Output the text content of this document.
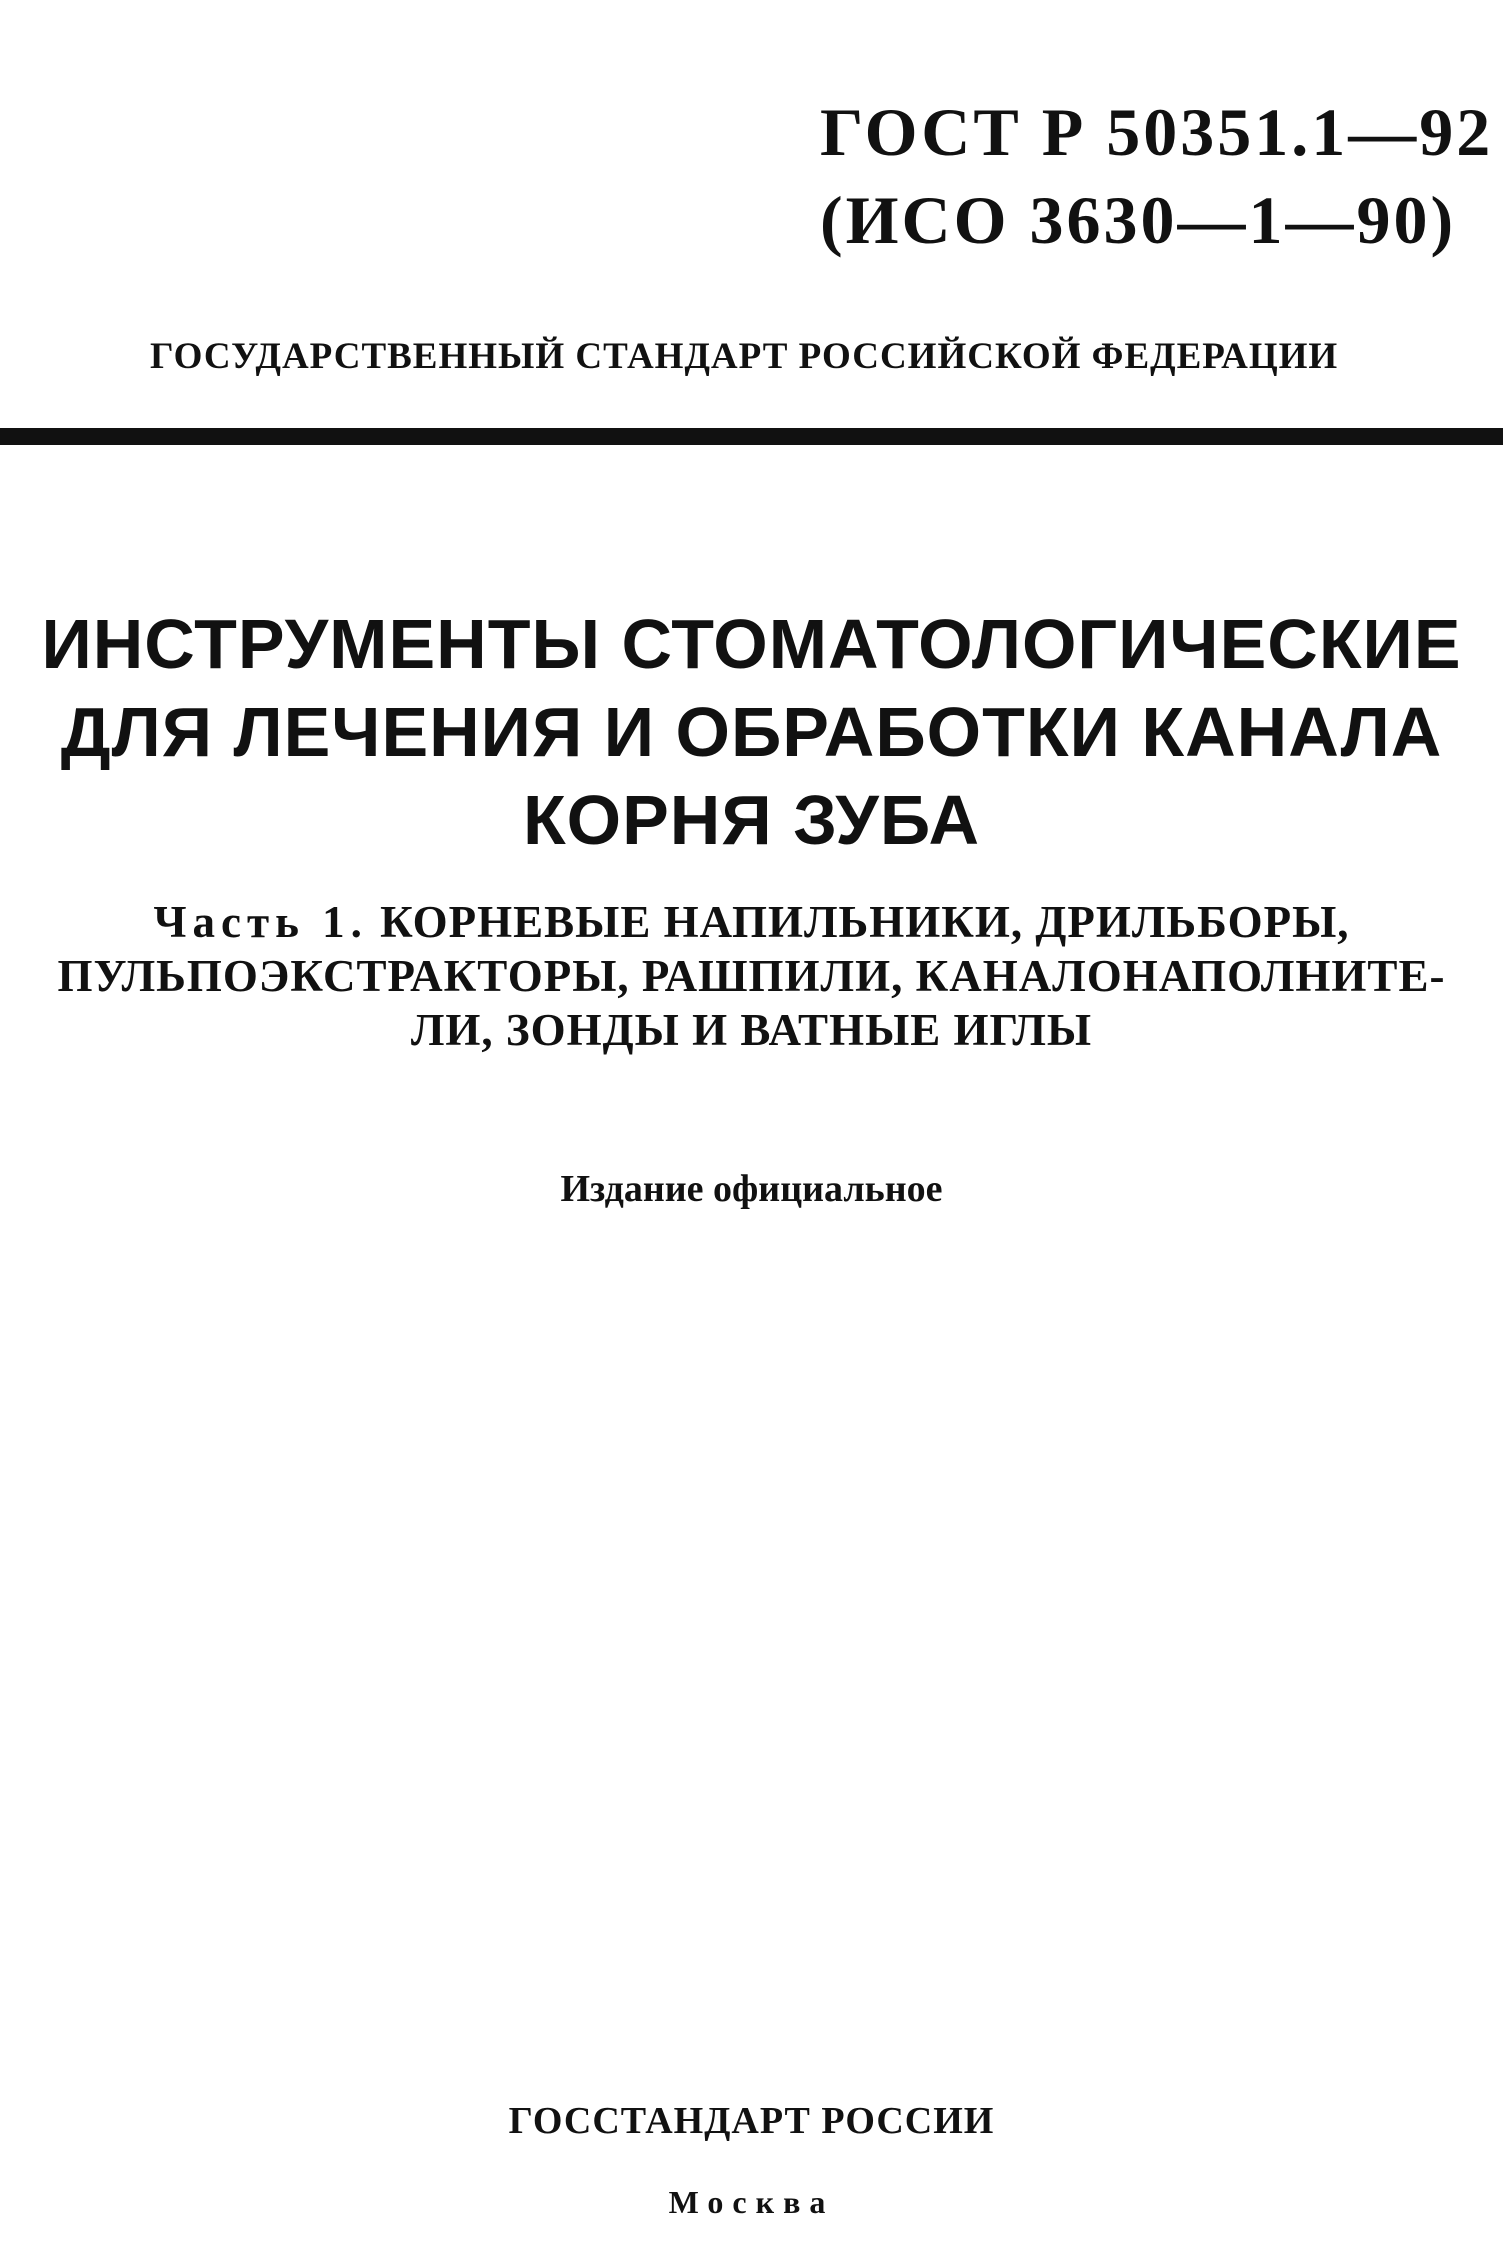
ГОСТ Р 50351.1—92

(ИСО 3630—1—90)

ГОСУДАРСТВЕННЫЙ СТАНДАРТ РОССИЙСКОЙ ФЕДЕРАЦИИ

ИНСТРУМЕНТЫ СТОМАТОЛОГИЧЕСКИЕ
ДЛЯ ЛЕЧЕНИЯ И ОБРАБОТКИ КАНАЛА
КОРНЯ ЗУБА
Часть 1. КОРНЕВЫЕ НАПИЛЬНИКИ, ДРИЛЬБОРЫ,
ПУЛЬПОЭКСТРАКТОРЫ, РАШПИЛИ, КАНАЛОНАПОЛНИТЕ-
ЛИ, ЗОНДЫ И ВАТНЫЕ ИГЛЫ

Издание официальное

ГОССТАНДАРТ РОССИИ

Москва
